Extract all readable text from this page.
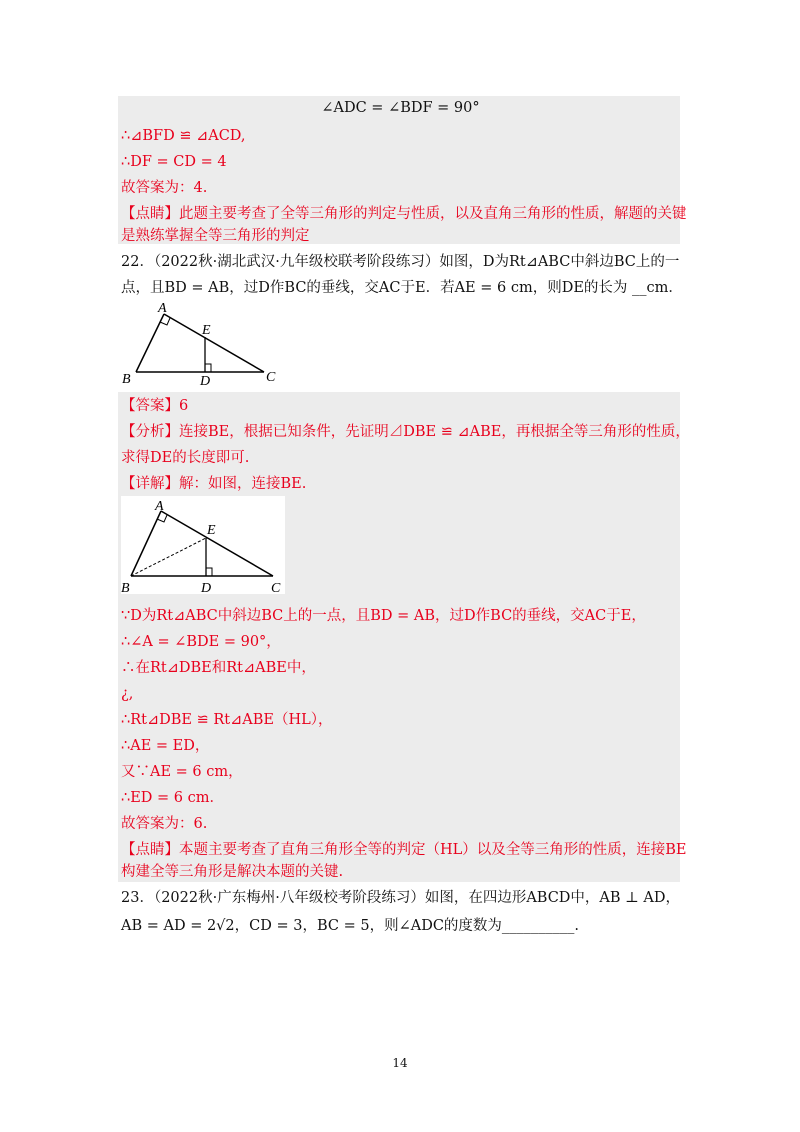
∠ADC = ∠BDF = 90°
∴⊿BFD ≌ ⊿ACD,
∴DF = CD = 4
故答案为：4.
【点睛】此题主要考查了全等三角形的判定与性质，以及直角三角形的性质，解题的关键
是熟练掌握全等三角形的判定
22．（2022秋·湖北武汉·九年级校联考阶段练习）如图，D为Rt⊿ABC中斜边BC上的一
点，且BD = AB，过D作BC的垂线，交AC于E．若AE = 6 cm，则DE的长为 __cm．
A
E
B	D	C
【答案】6
【分析】连接BE，根据已知条件，先证明⊿DBE ≌ ⊿ABE，再根据全等三角形的性质，
求得DE的长度即可.
【详解】解：如图，连接BE.
A
E
B	D	C
∵D为Rt⊿ABC中斜边BC上的一点，且BD = AB，过D作BC的垂线，交AC于E，
∴∠A = ∠BDE = 90°，
∴在Rt⊿DBE和Rt⊿ABE中，
¿,
∴Rt⊿DBE ≌ Rt⊿ABE（HL），
∴AE = ED，
又∵AE = 6 cm，
∴ED = 6 cm．
故答案为：6.
【点睛】本题主要考查了直角三角形全等的判定（HL）以及全等三角形的性质，连接BE
构建全等三角形是解决本题的关键.
23．（2022秋·广东梅州·八年级校考阶段练习）如图，在四边形ABCD中，AB ⊥ AD，
AB = AD = 2√2，CD = 3，BC = 5，则∠ADC的度数为__________.
14
